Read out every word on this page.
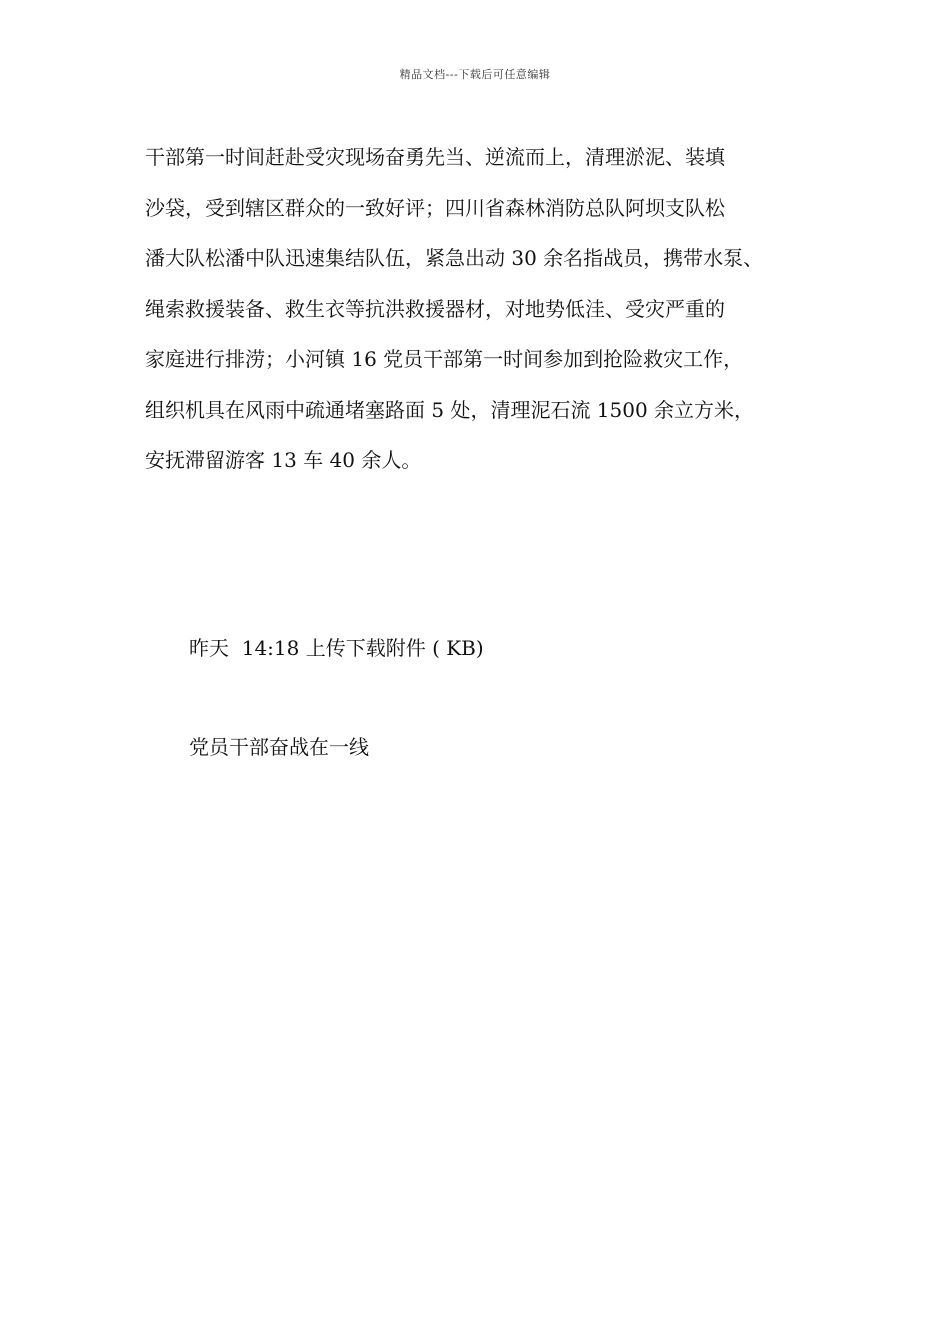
精品文档---下载后可任意编辑
干部第一时间赶赴受灾现场奋勇先当、逆流而上，清理淤泥、装填
沙袋，受到辖区群众的一致好评；四川省森林消防总队阿坝支队松
潘大队松潘中队迅速集结队伍，紧急出动 30 余名指战员，携带水泵、
绳索救援装备、救生衣等抗洪救援器材，对地势低洼、受灾严重的
家庭进行排涝；小河镇 16 党员干部第一时间参加到抢险救灾工作，
组织机具在风雨中疏通堵塞路面 5 处，清理泥石流 1500 余立方米，
安抚滞留游客 13 车 40 余人。
昨天  14:18 上传下载附件 ( KB)
党员干部奋战在一线
